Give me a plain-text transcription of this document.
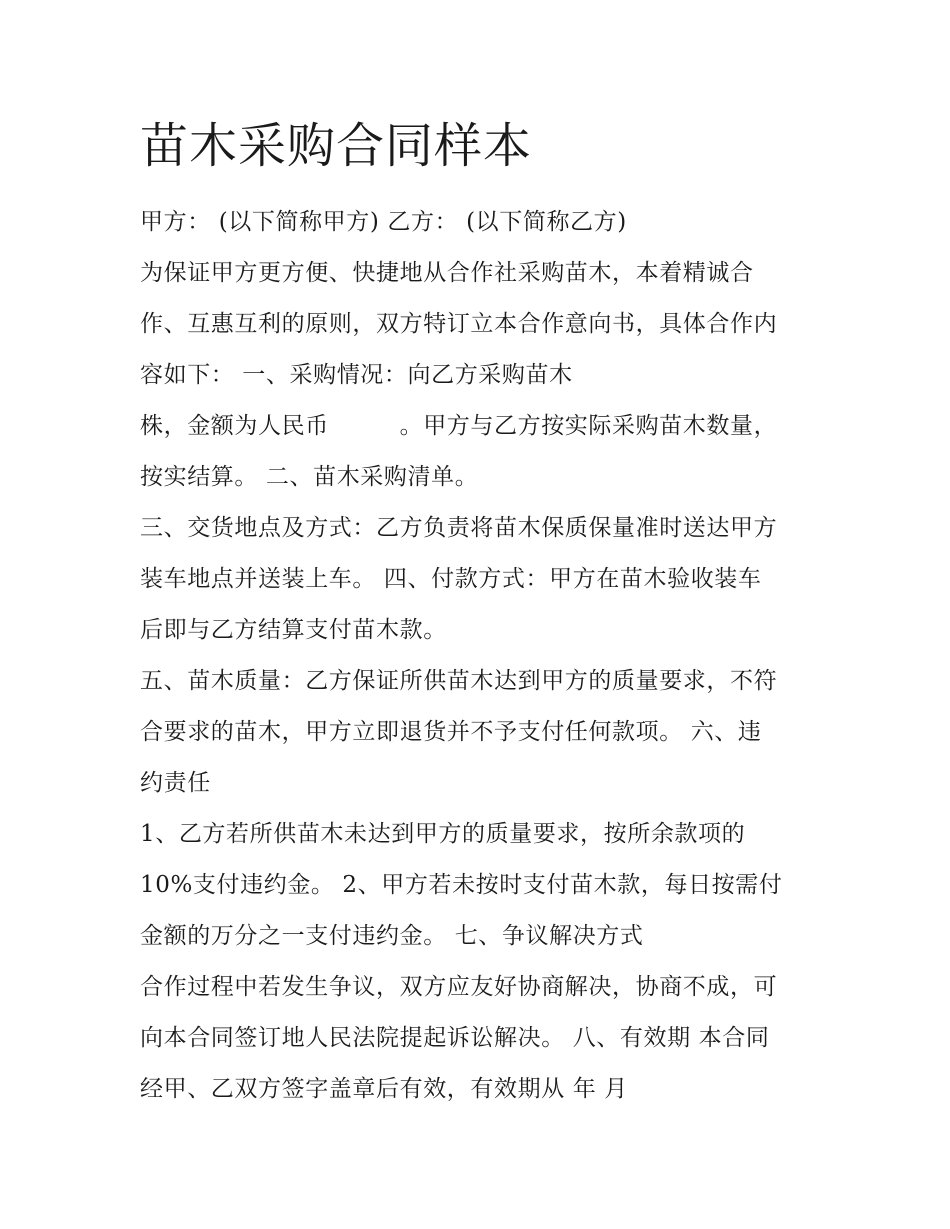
苗木采购合同样本

甲方： (以下简称甲方) 乙方： (以下简称乙方)

为保证甲方更方便、快捷地从合作社采购苗木，本着精诚合

作、互惠互利的原则，双方特订立本合作意向书，具体合作内

容如下： 一、采购情况：向乙方采购苗木

株，金额为人民币　　　。甲方与乙方按实际采购苗木数量，

按实结算。 二、苗木采购清单。

三、交货地点及方式：乙方负责将苗木保质保量准时送达甲方

装车地点并送装上车。 四、付款方式：甲方在苗木验收装车

后即与乙方结算支付苗木款。

五、苗木质量：乙方保证所供苗木达到甲方的质量要求，不符

合要求的苗木，甲方立即退货并不予支付任何款项。 六、违

约责任

1、乙方若所供苗木未达到甲方的质量要求，按所余款项的

10%支付违约金。 2、甲方若未按时支付苗木款，每日按需付

金额的万分之一支付违约金。 七、争议解决方式

合作过程中若发生争议，双方应友好协商解决，协商不成，可

向本合同签订地人民法院提起诉讼解决。 八、有效期 本合同

经甲、乙双方签字盖章后有效，有效期从 年 月
